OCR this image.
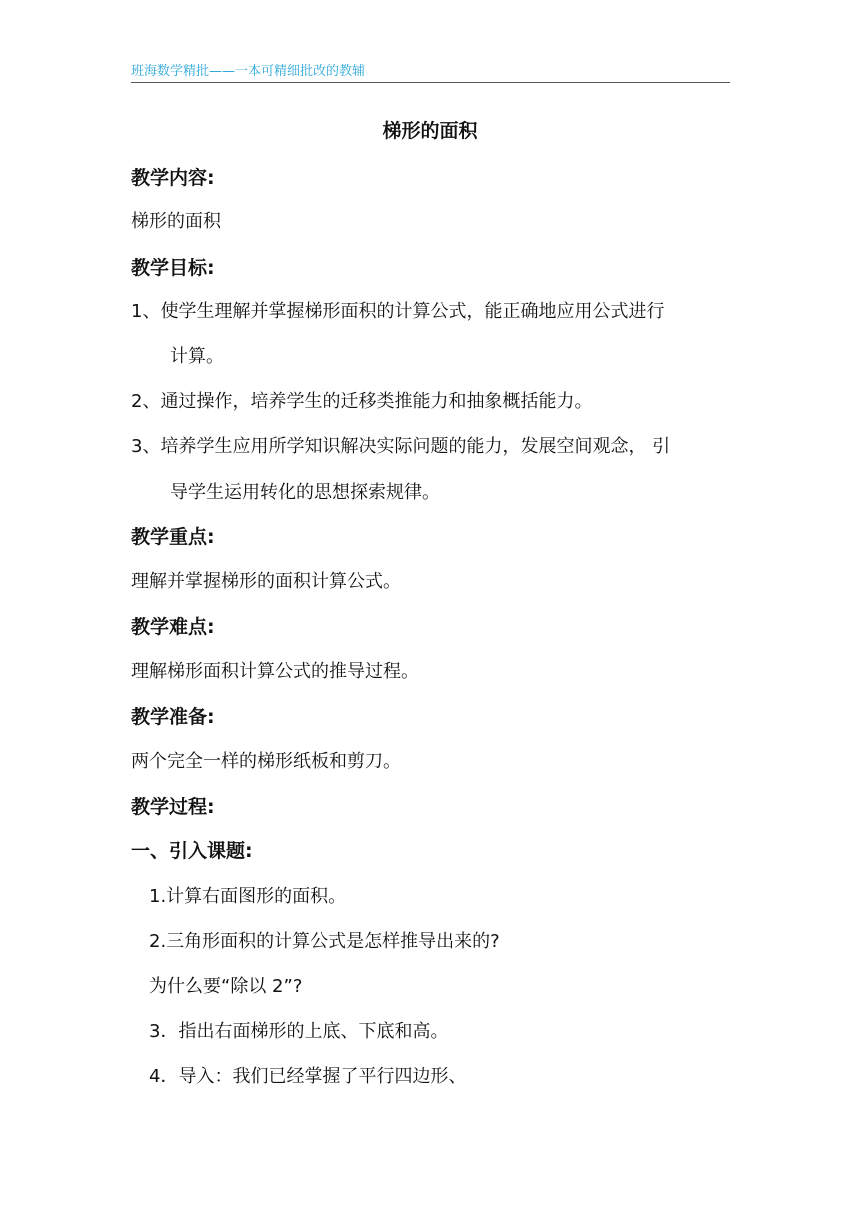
班海数学精批——一本可精细批改的教辅
梯形的面积
教学内容:
梯形的面积
教学目标:
1、使学生理解并掌握梯形面积的计算公式，能正确地应用公式进行
计算。
2、通过操作，培养学生的迁移类推能力和抽象概括能力。
3、培养学生应用所学知识解决实际问题的能力，发展空间观念， 引
导学生运用转化的思想探索规律。
教学重点:
理解并掌握梯形的面积计算公式。
教学难点:
理解梯形面积计算公式的推导过程。
教学准备:
两个完全一样的梯形纸板和剪刀。
教学过程:
一、引入课题:
1.计算右面图形的面积。
2.三角形面积的计算公式是怎样推导出来的?
为什么要“除以 2”?
3．指出右面梯形的上底、下底和高。
4．导入：我们已经掌握了平行四边形、
